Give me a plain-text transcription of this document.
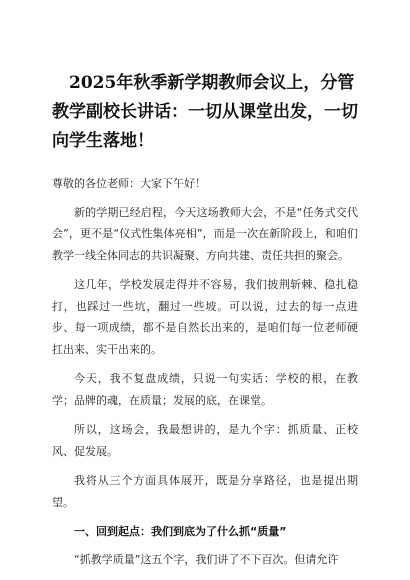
2025年秋季新学期教师会议上，分管教学副校长讲话：一切从课堂出发，一切向学生落地！

尊敬的各位老师：大家下午好！

新的学期已经启程，今天这场教师大会，不是“任务式交代会”，更不是“仪式性集体亮相”，而是一次在新阶段上，和咱们教学一线全体同志的共识凝聚、方向共建、责任共担的聚会。

这几年，学校发展走得并不容易，我们披荆斩棘、稳扎稳打，也踩过一些坑，翻过一些坡。可以说，过去的每一点进步、每一项成绩，都不是自然长出来的，是咱们每一位老师硬扛出来、实干出来的。

今天，我不复盘成绩，只说一句实话：学校的根，在教学；品牌的魂，在质量；发展的底，在课堂。

所以，这场会，我最想讲的，是九个字：抓质量、正校风、促发展。

我将从三个方面具体展开，既是分享路径，也是提出期望。

一、回到起点：我们到底为了什么抓“质量”

“抓教学质量”这五个字，我们讲了不下百次。但请允许
